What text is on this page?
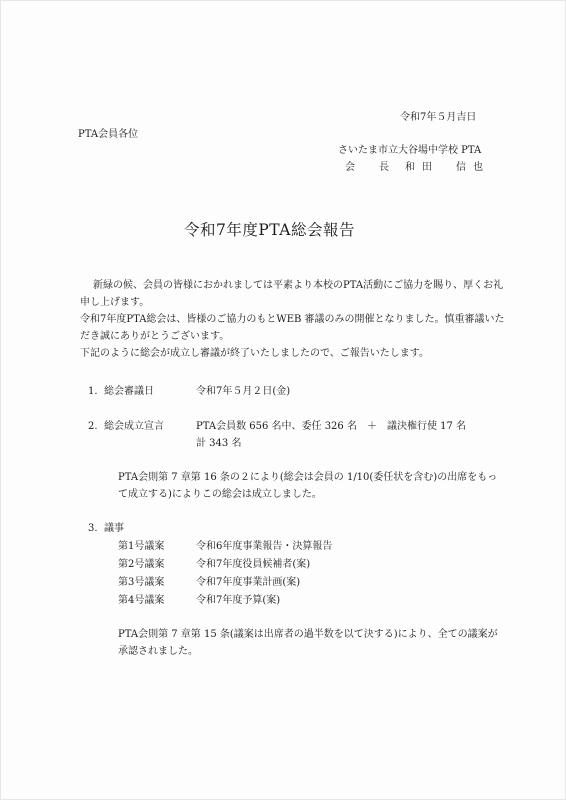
令和7年５月吉日
PTA会員各位
さいたま市立大谷場中学校 PTA
会　長 和田　信也
令和7年度PTA総会報告
新緑の候、会員の皆様におかれましては平素より本校のPTA活動にご協力を賜り、厚くお礼
申し上げます。
令和7年度PTA総会は、皆様のご協力のもとWEB 審議のみの開催となりました。慎重審議いた
だき誠にありがとうございます。
下記のように総会が成立し審議が終了いたしましたので、ご報告いたします。
1. 総会審議日	令和7年５月２日(金)
2. 総会成立宣言	PTA会員数 656 名中、委任 326 名　＋　議決権行使 17 名
計 343 名
PTA会則第 7 章第 16 条の２により(総会は会員の 1/10(委任状を含む)の出席をもっ
て成立する)によりこの総会は成立しました。
3. 議事
第1号議案	令和6年度事業報告・決算報告
第2号議案	令和7年度役員候補者(案)
第3号議案	令和7年度事業計画(案)
第4号議案	令和7年度予算(案)
PTA会則第 7 章第 15 条(議案は出席者の過半数を以て決する)により、全ての議案が
承認されました。
